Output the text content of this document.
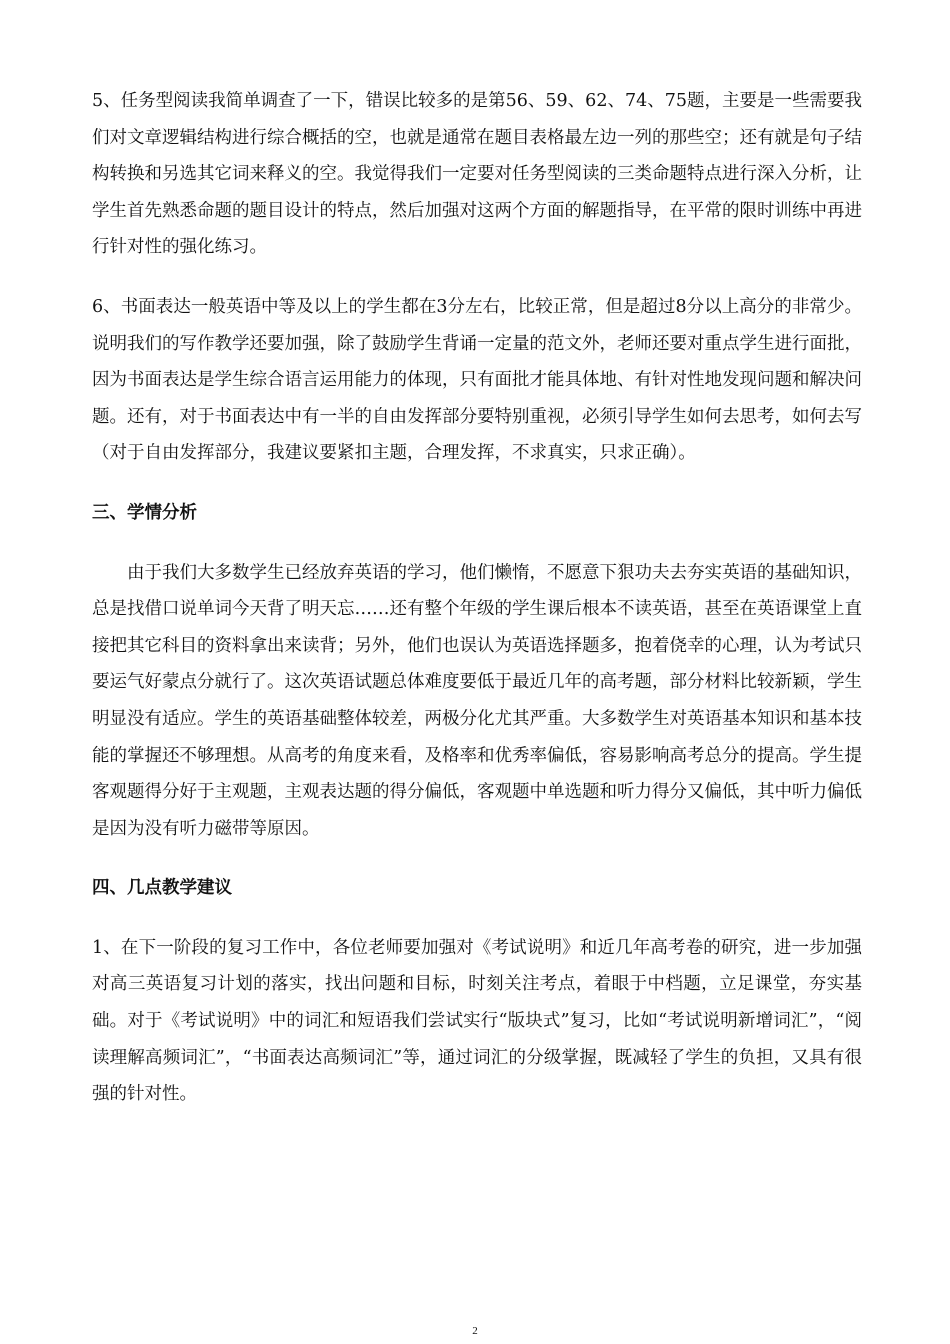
5、任务型阅读我简单调查了一下，错误比较多的是第56、59、62、74、75题，主要是一些需要我们对文章逻辑结构进行综合概括的空，也就是通常在题目表格最左边一列的那些空；还有就是句子结构转换和另选其它词来释义的空。我觉得我们一定要对任务型阅读的三类命题特点进行深入分析，让学生首先熟悉命题的题目设计的特点，然后加强对这两个方面的解题指导，在平常的限时训练中再进行针对性的强化练习。

6、书面表达一般英语中等及以上的学生都在3分左右，比较正常，但是超过8分以上高分的非常少。说明我们的写作教学还要加强，除了鼓励学生背诵一定量的范文外，老师还要对重点学生进行面批，因为书面表达是学生综合语言运用能力的体现，只有面批才能具体地、有针对性地发现问题和解决问题。还有，对于书面表达中有一半的自由发挥部分要特别重视，必须引导学生如何去思考，如何去写（对于自由发挥部分，我建议要紧扣主题，合理发挥，不求真实，只求正确）。

三、学情分析

由于我们大多数学生已经放弃英语的学习，他们懒惰，不愿意下狠功夫去夯实英语的基础知识，总是找借口说单词今天背了明天忘……还有整个年级的学生课后根本不读英语，甚至在英语课堂上直接把其它科目的资料拿出来读背；另外，他们也误认为英语选择题多，抱着侥幸的心理，认为考试只要运气好蒙点分就行了。这次英语试题总体难度要低于最近几年的高考题，部分材料比较新颖，学生明显没有适应。学生的英语基础整体较差，两极分化尤其严重。大多数学生对英语基本知识和基本技能的掌握还不够理想。从高考的角度来看，及格率和优秀率偏低，容易影响高考总分的提高。学生提客观题得分好于主观题，主观表达题的得分偏低，客观题中单选题和听力得分又偏低，其中听力偏低是因为没有听力磁带等原因。

四、几点教学建议

1、在下一阶段的复习工作中，各位老师要加强对《考试说明》和近几年高考卷的研究，进一步加强对高三英语复习计划的落实，找出问题和目标，时刻关注考点，着眼于中档题，立足课堂，夯实基础。对于《考试说明》中的词汇和短语我们尝试实行“版块式”复习，比如“考试说明新增词汇”，“阅读理解高频词汇”，“书面表达高频词汇”等，通过词汇的分级掌握，既减轻了学生的负担，又具有很强的针对性。

2
